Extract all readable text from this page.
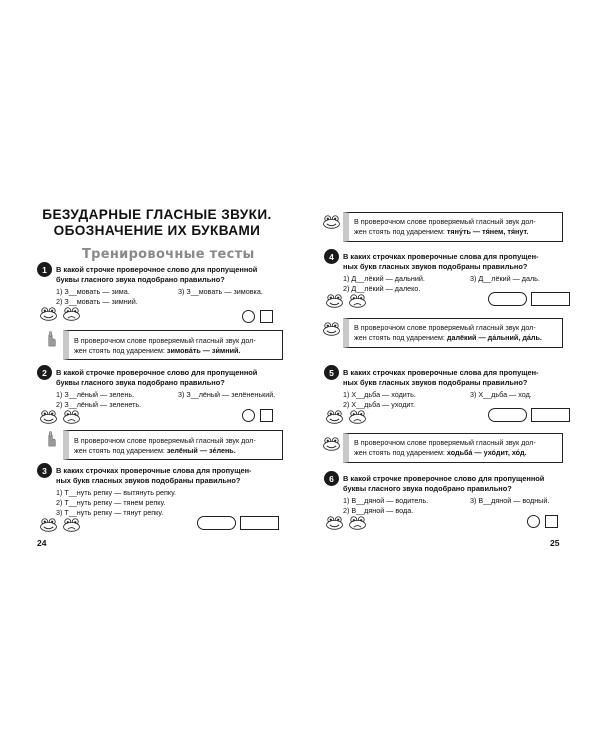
БЕЗУДАРНЫЕ ГЛАСНЫЕ ЗВУКИ.
ОБОЗНАЧЕНИЕ ИХ БУКВАМИ
Тренировочные тесты
1	В какой строчке проверочное слово для пропущенной
буквы гласного звука подобрано правильно?
1) З__мовать — зима.	3) З__мовать — зимовка.
2) З__мовать — зимний.
В проверочном слове проверяемый гласный звук дол-
жен стоять под ударением: зимова́ть — зи́мний.
2	В какой строчке проверочное слово для пропущенной
буквы гласного звука подобрано правильно?
1) З__лёный — зелень.	3) З__лёный — зелёненький.
2) З__лёный — зеленеть.
В проверочном слове проверяемый гласный звук дол-
жен стоять под ударением: зелёный — зе́лень.
3	В каких строчках проверочные слова для пропущен-
ных букв гласных звуков подобраны правильно?
1) Т__нуть репку — вытянуть репку.
2) Т__нуть репку — тянем репку.
3) Т__нуть репку — тянут репку.
24
В проверочном слове проверяемый гласный звук дол-
жен стоять под ударением: тяну́ть — тя́нем, тя́нут.
4	В каких строчках проверочные слова для пропущен-
ных букв гласных звуков подобраны правильно?
1) Д__лёкий — дальний.	3) Д__лёкий — даль.
2) Д__лёкий — далеко.
В проверочном слове проверяемый гласный звук дол-
жен стоять под ударением: далёкий — да́льний, да́ль.
5	В каких строчках проверочные слова для пропущен-
ных букв гласных звуков подобраны правильно?
1) Х__дьба — ходить.	3) Х__дьба — ход.
2) Х__дьба — уходит.
В проверочном слове проверяемый гласный звук дол-
жен стоять под ударением: ходьба́ — ухо́дит, хо́д.
6	В какой строчке проверочное слово для пропущенной
буквы гласного звука подобрано правильно?
1) В__дяной — водитель.	3) В__дяной — водный.
2) В__дяной — вода.
25
